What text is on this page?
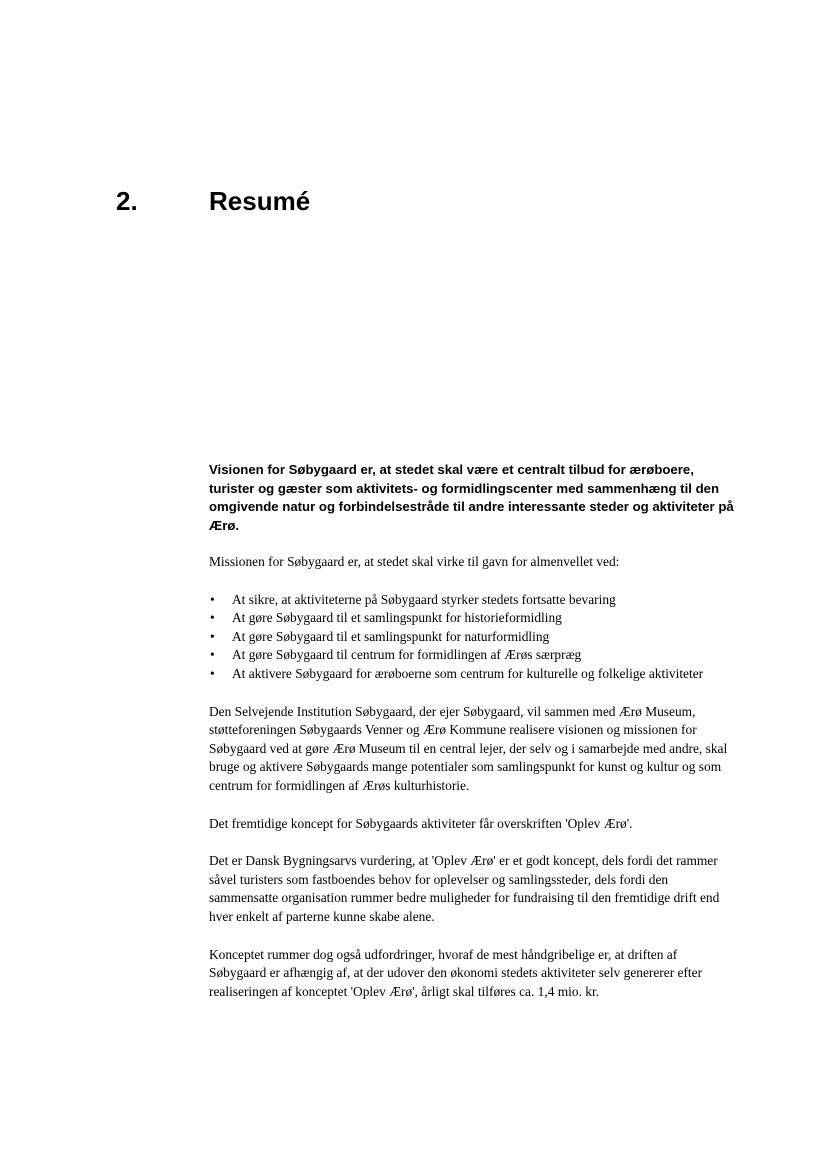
2.	Resumé

Visionen for Søbygaard er, at stedet skal være et centralt tilbud for ærøboere, turister og gæster som aktivitets- og formidlingscenter med sammenhæng til den omgivende natur og forbindelsestråde til andre interessante steder og aktiviteter på Ærø.

Missionen for Søbygaard er, at stedet skal virke til gavn for almenvellet ved:

• At sikre, at aktiviteterne på Søbygaard styrker stedets fortsatte bevaring
• At gøre Søbygaard til et samlingspunkt for historieformidling
• At gøre Søbygaard til et samlingspunkt for naturformidling
• At gøre Søbygaard til centrum for formidlingen af Ærøs særpræg
• At aktivere Søbygaard for ærøboerne som centrum for kulturelle og folkelige aktiviteter

Den Selvejende Institution Søbygaard, der ejer Søbygaard, vil sammen med Ærø Museum, støtteforeningen Søbygaards Venner og Ærø Kommune realisere visionen og missionen for Søbygaard ved at gøre Ærø Museum til en central lejer, der selv og i samarbejde med andre, skal bruge og aktivere Søbygaards mange potentialer som samlingspunkt for kunst og kultur og som centrum for formidlingen af Ærøs kulturhistorie.

Det fremtidige koncept for Søbygaards aktiviteter får overskriften 'Oplev Ærø'.

Det er Dansk Bygningsarvs vurdering, at 'Oplev Ærø' er et godt koncept, dels fordi det rammer såvel turisters som fastboendes behov for oplevelser og samlingssteder, dels fordi den sammensatte organisation rummer bedre muligheder for fundraising til den fremtidige drift end hver enkelt af parterne kunne skabe alene.

Konceptet rummer dog også udfordringer, hvoraf de mest håndgribelige er, at driften af Søbygaard er afhængig af, at der udover den økonomi stedets aktiviteter selv genererer efter realiseringen af konceptet 'Oplev Ærø', årligt skal tilføres ca. 1,4 mio. kr.
